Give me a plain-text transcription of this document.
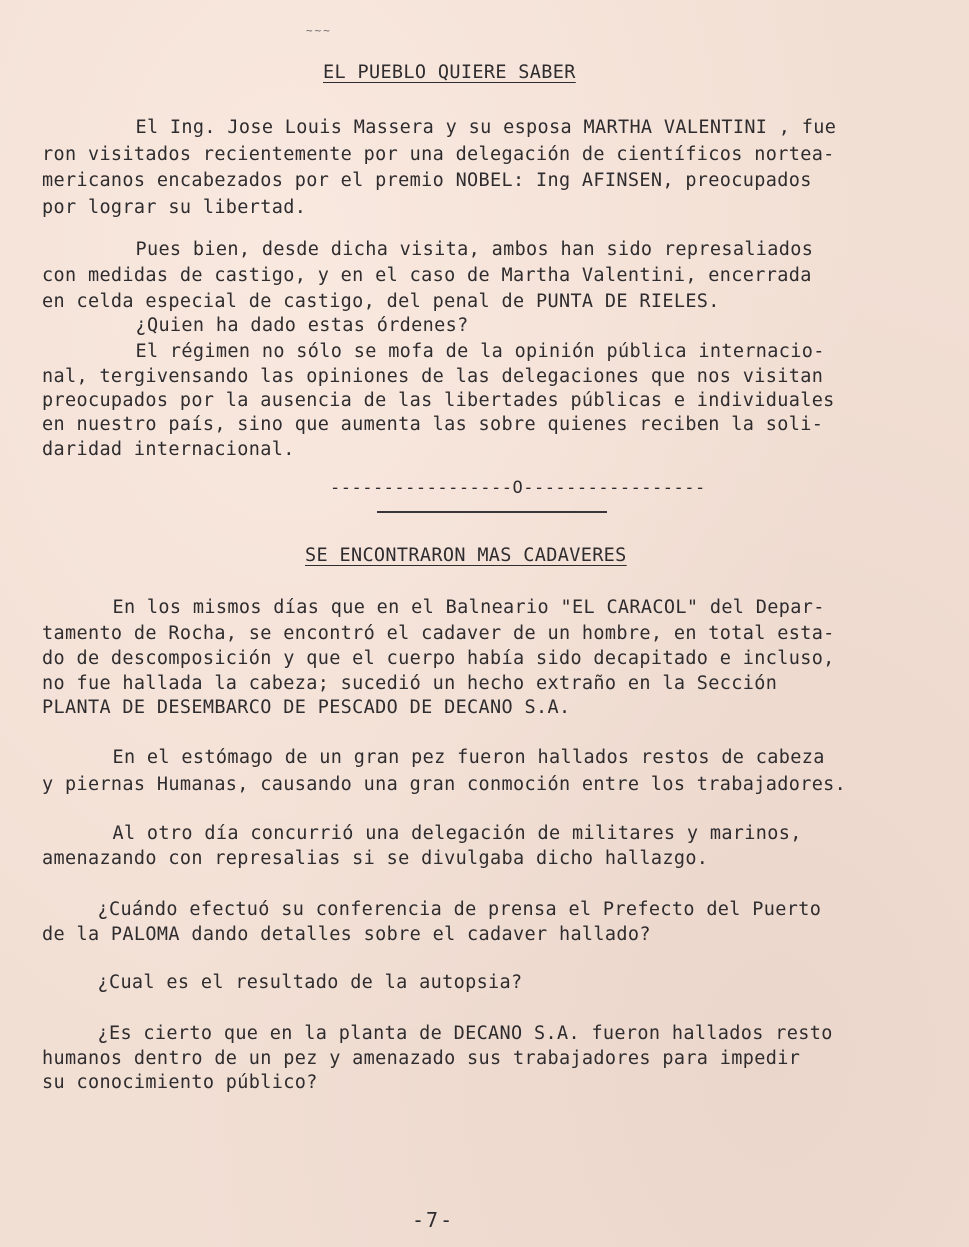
~~~
EL PUEBLO QUIERE SABER
El Ing. Jose Louis Massera y su esposa MARTHA VALENTINI , fue
ron visitados recientemente por una delegación de científicos nortea-
mericanos encabezados por el premio NOBEL: Ing AFINSEN, preocupados
por lograr su libertad.
Pues bien, desde dicha visita, ambos han sido represaliados
con medidas de castigo, y en el caso de Martha Valentini, encerrada
en celda especial de castigo, del penal de PUNTA DE RIELES.
¿Quien ha dado estas órdenes?
El régimen no sólo se mofa de la opinión pública internacio-
nal, tergivensando las opiniones de las delegaciones que nos visitan
preocupados por la ausencia de las libertades públicas e individuales
en nuestro país, sino que aumenta las sobre quienes reciben la soli-
daridad internacional.
-----------------O-----------------
SE ENCONTRARON MAS CADAVERES
En los mismos días que en el Balneario "EL CARACOL" del Depar-
tamento de Rocha, se encontró el cadaver de un hombre, en total esta-
do de descomposición y que el cuerpo había sido decapitado e incluso,
no fue hallada la cabeza; sucedió un hecho extraño en la Sección
PLANTA DE DESEMBARCO DE PESCADO DE DECANO S.A.
En el estómago de un gran pez fueron hallados restos de cabeza
y piernas Humanas, causando una gran conmoción entre los trabajadores.
Al otro día concurrió una delegación de militares y marinos,
amenazando con represalias si se divulgaba dicho hallazgo.
¿Cuándo efectuó su conferencia de prensa el Prefecto del Puerto
de la PALOMA dando detalles sobre el cadaver hallado?
¿Cual es el resultado de la autopsia?
¿Es cierto que en la planta de DECANO S.A. fueron hallados resto
humanos dentro de un pez y amenazado sus trabajadores para impedir
su conocimiento público?
-7-
